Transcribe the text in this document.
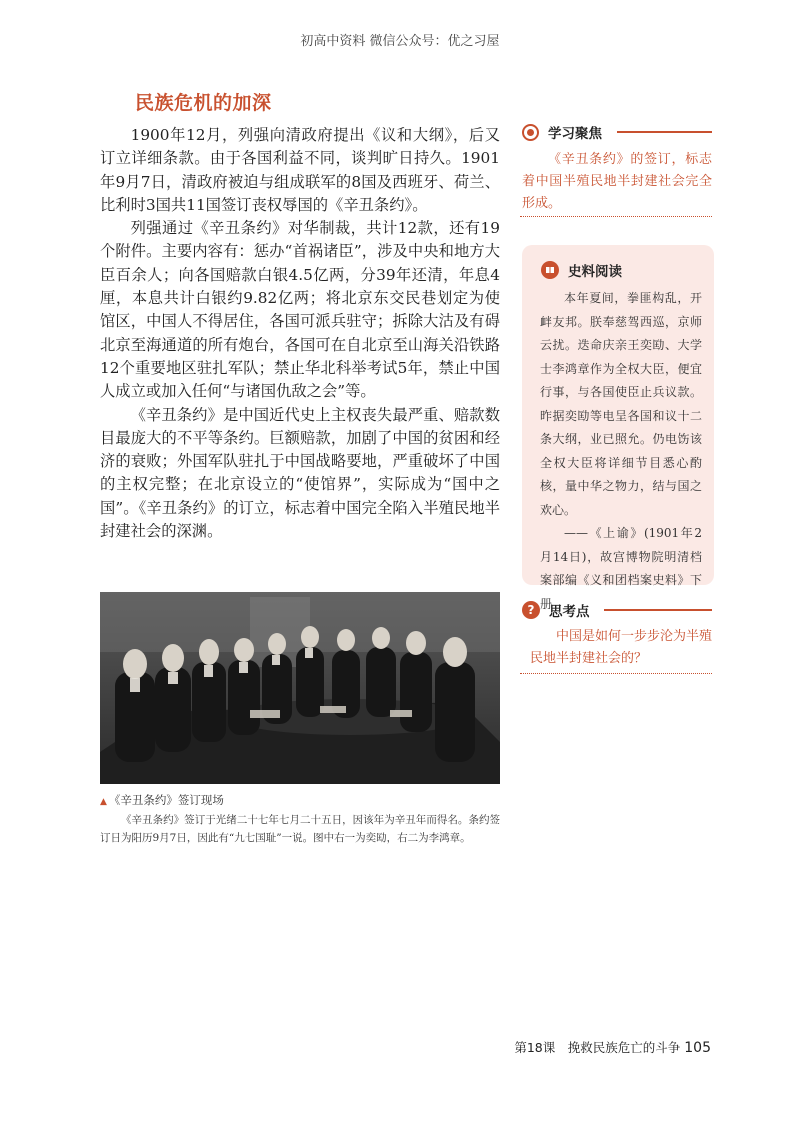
初高中资料 微信公众号：优之习屋
民族危机的加深

1900年12月，列强向清政府提出《议和大纲》，后又订立详细条款。由于各国利益不同，谈判旷日持久。1901年9月7日，清政府被迫与组成联军的8国及西班牙、荷兰、比利时3国共11国签订丧权辱国的《辛丑条约》。

列强通过《辛丑条约》对华制裁，共计12款，还有19个附件。主要内容有：惩办“首祸诸臣”，涉及中央和地方大臣百余人；向各国赔款白银4.5亿两，分39年还清，年息4厘，本息共计白银约9.82亿两；将北京东交民巷划定为使馆区，中国人不得居住，各国可派兵驻守；拆除大沽及有碍北京至海通道的所有炮台，各国可在自北京至山海关沿铁路12个重要地区驻扎军队；禁止华北科举考试5年，禁止中国人成立或加入任何“与诸国仇敌之会”等。

《辛丑条约》是中国近代史上主权丧失最严重、赔款数目最庞大的不平等条约。巨额赔款，加剧了中国的贫困和经济的衰败；外国军队驻扎于中国战略要地，严重破坏了中国的主权完整；在北京设立的“使馆界”，实际成为“国中之国”。《辛丑条约》的订立，标志着中国完全陷入半殖民地半封建社会的深渊。

▲ 《辛丑条约》签订现场

《辛丑条约》签订于光绪二十七年七月二十五日，因该年为辛丑年而得名。条约签订日为阳历9月7日，因此有“九七国耻”一说。图中右一为奕劻，右二为李鸿章。

学习聚焦

《辛丑条约》的签订，标志着中国半殖民地半封建社会完全形成。

史料阅读

本年夏间，拳匪构乱，开衅友邦。朕奉慈驾西巡，京师云扰。迭命庆亲王奕劻、大学士李鸿章作为全权大臣，便宜行事，与各国使臣止兵议款。昨据奕劻等电呈各国和议十二条大纲，业已照允。仍电饬该全权大臣将详细节目悉心酌核，量中华之物力，结与国之欢心。

——《上谕》(1901年2月14日)，故宫博物院明清档案部编《义和团档案史料》下册

?	思考点

中国是如何一步步沦为半殖民地半封建社会的？

第18课　挽救民族危亡的斗争 105
